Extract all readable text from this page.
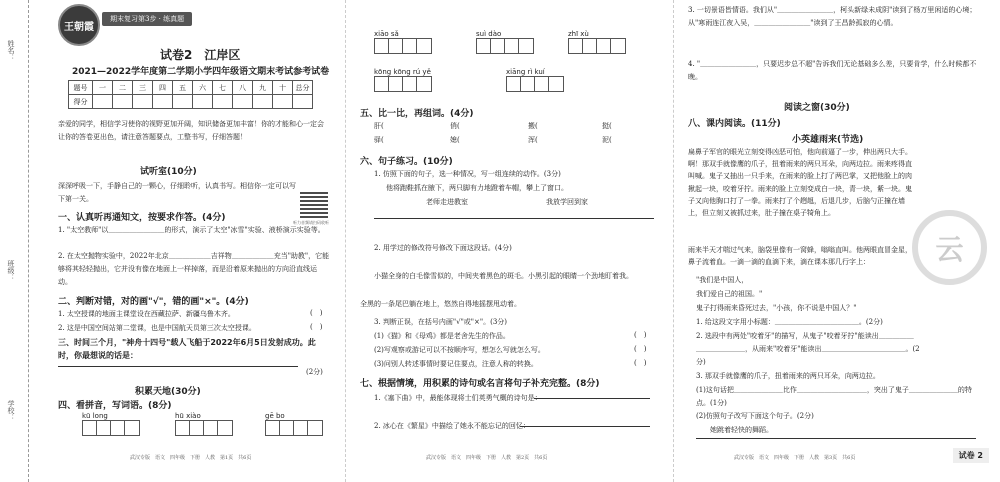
姓名：
班级：
学校：
王朝霞
期末复习第3步 · 练真题
试卷2　江岸区
2021—2022学年度第二学期小学四年级语文期末考试参考试卷
题号	一	二	三	四	五	六	七	八	九	十	总分
得分											
亲爱的同学，相信学习使你的视野更加开阔，知识储备更加丰富！你的才能和心一定会让你的答卷更出色，请注意答题要点，工整书写，仔细答题！
试听室(10分)
深深呼吸一下，手静自己的一颗心，仔细聆听，认真书写。相信你一定可以写下第一关。
听力音频请扫码收听
一、认真听再通知文，按要求作答。(4分)
1. "太空教师"以＿＿＿＿＿＿＿＿的形式，演示了太空"冰雪"实验、液桥演示实验等。
2. 在太空抛物实验中，2022年北京＿＿＿＿＿＿吉祥物＿＿＿＿＿＿充当"助教"，它能够将其轻轻抛出，它并没有像在地面上一样掉落，而是沿着原来抛出的方向沿直线运动。
二、判断对错，对的画"√"，错的画"×"。(4分)
1. 太空授课的地面主课堂设在西藏拉萨、新疆乌鲁木齐。	(　)
2. 这是中国空间站第二堂课，也是中国航天员第三次太空授课。	(　)
三、时间三个月，"神舟十四号"载人飞船于2022年6月5日发射成功。此时，你最想说的话是：
(2分)
积累天地(30分)
四、看拼音，写词语。(8分)
kū long	hū xiào	gē bo
武汉专版　语文　四年级　下册　人教　第1页　共6页
xiāo sǎ	suì dào	zhī xù
kōng kōng rú yě	xiāng rì kuí
五、比一比，再组词。(4分)
肝(	俏(	搬(	挺(
驿(	媳(	浑(	泥(
六、句子练习。(10分)
1. 仿照下面的句子，选一种情况，写一组连续的动作。(3分)
他将跑鞋抓在腋下，两只脚有力地蹬着车帽，攀上了窗口。
老师走进教室	我放学回到家
2. 用学过的修改符号修改下面这段话。(4分)
小猫全身的白毛像雪似的，中间夹着黑色的斑毛。小黑引起的眼睛一个劲地盯着我。
全黑的一条尾巴躺在地上，悠然自得地摇摆甩动着。
3. 判断正误，在括号内画"√"或"×"。(3分)
(1)《猫》和《母鸡》都是老舍先生的作品。	(　)
(2)写观察或游记可以不按顺序写，想怎么写就怎么写。	(　)
(3)问别人转述事情时要记住要点，注意人称的转换。	(　)
七、根据情境，用积累的诗句或名言将句子补充完整。(8分)
1.《塞下曲》中，最能体现将士们英勇气概的诗句是：
2. 冰心在《繁星》中描绘了她永不能忘记的回忆：
武汉专版　语文　四年级　下册　人教　第2页　共6页
3. 一切景语皆情语。我们从"＿＿＿＿＿＿＿＿，柯头新绿未成阴"读到了杨万里闲适的心境；从"寒雨连江夜入吴，＿＿＿＿＿＿＿＿"读到了王昌龄孤寂的心情。
4. "＿＿＿＿＿＿＿＿，只要迟步总不超"告诉我们无论基础多么差，只要肯学，什么时候都不晚。
阅读之窗(30分)
八、课内阅读。(11分)
小英雄雨来(节选)
扁鼻子军官的眼光立刻变得凶恶可怕，他向前逼了一步，伸出两只大手。啊！那双手就像鹰的爪子，扭着雨来的两只耳朵，向两边拉。雨来疼得直叫喊。鬼子又抽出一只手来，在雨来的脸上打了两巴掌，又把他脸上的肉揪起一块，咬着牙拧。雨来的脸上立刻变成白一块，青一块，紫一块。鬼子又向他胸口打了一拳。雨来打了个趔趄，后退几步，后脑勺正撞在墙上，但立刻又被抓过来，肚子撞在桌子犄角上。
雨来半天才喘过气来，脑袋里像有一窝蜂，嗡嗡直叫。他两眼直冒金星，鼻子流着血。一滴一滴的血滴下来，滴在课本那几行字上：
"我们是中国人，
我们爱自己的祖国。"
鬼子打得雨来昏死过去，"小孩，你不说是中国人？"
1. 给这段文字用小标题：＿＿＿＿＿＿＿＿＿＿＿＿。(2分)
2. 选段中有两处"咬着牙"的描写，从鬼子"咬着牙拧"能读出＿＿＿＿＿＿＿＿＿＿＿＿，从雨来"咬着牙"能读出＿＿＿＿＿＿＿＿＿＿＿＿。(2分)
3. 那双手就像鹰的爪子，扭着雨来的两只耳朵，向两边拉。
(1)这句话把＿＿＿＿＿＿＿比作＿＿＿＿＿＿＿＿＿＿，突出了鬼子＿＿＿＿＿＿＿的特点。(1分)
(2)仿照句子改写下面这个句子。(2分)
她跳着轻快的舞蹈。
云
武汉专版　语文　四年级　下册　人教　第3页　共6页	试卷 2
